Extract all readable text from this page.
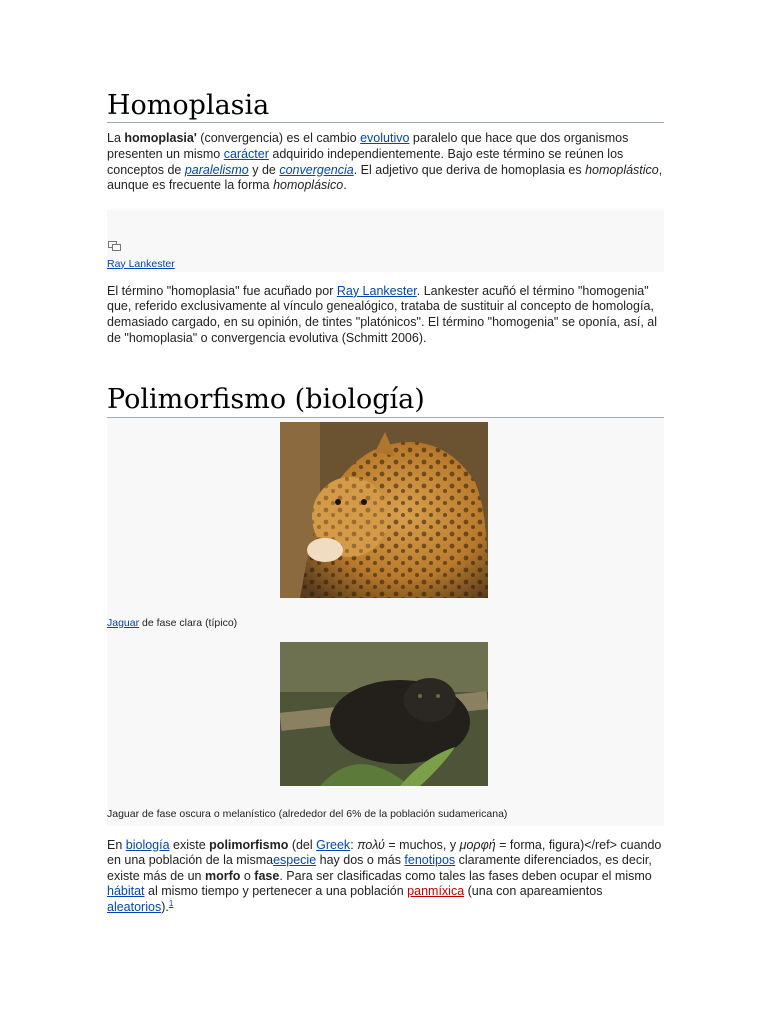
Homoplasia

La homoplasia' (convergencia) es el cambio evolutivo paralelo que hace que dos organismos presenten un mismo carácter adquirido independientemente. Bajo este término se reúnen los conceptos de paralelismo y de convergencia. El adjetivo que deriva de homoplasia es homoplástico, aunque es frecuente la forma homoplásico.

Ray Lankester

El término "homoplasia" fue acuñado por Ray Lankester. Lankester acuñó el término "homogenia" que, referido exclusivamente al vínculo genealógico, trataba de sustituir al concepto de homología, demasiado cargado, en su opinión, de tintes "platónicos". El término "homogenia" se oponía, así, al de "homoplasia" o convergencia evolutiva (Schmitt 2006).

Polimorfismo (biología)
Jaguar de fase clara (típico)
Jaguar de fase oscura o melanístico (alrededor del 6% de la población sudamericana)

En biología existe polimorfismo (del Greek: πολύ = muchos, y μορφή = forma, figura)</ref> cuando en una población de la mismaespecie hay dos o más fenotipos claramente diferenciados, es decir, existe más de un morfo o fase. Para ser clasificadas como tales las fases deben ocupar el mismo hábitat al mismo tiempo y pertenecer a una población panmíxica (una con apareamientos aleatorios).$^1$
